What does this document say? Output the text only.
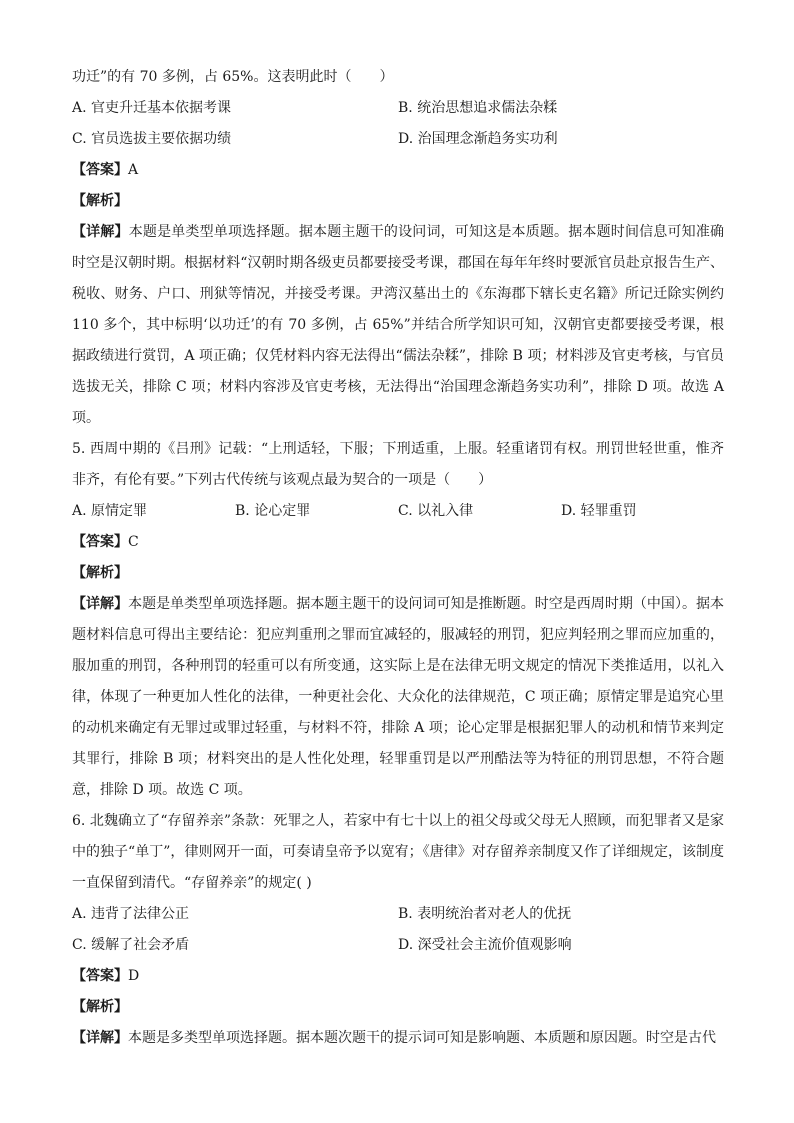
功迁”的有 70 多例，占 65%。这表明此时（　　）
A. 官吏升迁基本依据考课	B. 统治思想追求儒法杂糅
C. 官员选拔主要依据功绩	D. 治国理念渐趋务实功利
【答案】A
【解析】
【详解】本题是单类型单项选择题。据本题主题干的设问词，可知这是本质题。据本题时间信息可知准确时空是汉朝时期。根据材料“汉朝时期各级吏员都要接受考课，郡国在每年年终时要派官员赴京报告生产、税收、财务、户口、刑狱等情况，并接受考课。尹湾汉墓出土的《东海郡下辖长吏名籍》所记迁除实例约 110 多个，其中标明‘以功迁’的有 70 多例，占 65%”并结合所学知识可知，汉朝官吏都要接受考课，根据政绩进行赏罚，A 项正确；仅凭材料内容无法得出“儒法杂糅”，排除 B 项；材料涉及官吏考核，与官员选拔无关，排除 C 项；材料内容涉及官吏考核，无法得出“治国理念渐趋务实功利”，排除 D 项。故选 A 项。
5. 西周中期的《吕刑》记载：“上刑适轻，下服；下刑适重，上服。轻重诸罚有权。刑罚世轻世重，惟齐非齐，有伦有要。”下列古代传统与该观点最为契合的一项是（　　）
A. 原情定罪	B. 论心定罪	C. 以礼入律	D. 轻罪重罚
【答案】C
【解析】
【详解】本题是单类型单项选择题。据本题主题干的设问词可知是推断题。时空是西周时期（中国）。据本题材料信息可得出主要结论：犯应判重刑之罪而宜减轻的，服减轻的刑罚，犯应判轻刑之罪而应加重的，服加重的刑罚，各种刑罚的轻重可以有所变通，这实际上是在法律无明文规定的情况下类推适用，以礼入律，体现了一种更加人性化的法律，一种更社会化、大众化的法律规范，C 项正确；原情定罪是追究心里的动机来确定有无罪过或罪过轻重，与材料不符，排除 A 项；论心定罪是根据犯罪人的动机和情节来判定其罪行，排除 B 项；材料突出的是人性化处理，轻罪重罚是以严刑酷法等为特征的刑罚思想，不符合题意，排除 D 项。故选 C 项。
6. 北魏确立了“存留养亲”条款：死罪之人，若家中有七十以上的祖父母或父母无人照顾，而犯罪者又是家中的独子“单丁”，律则网开一面，可奏请皇帝予以宽宥；《唐律》对存留养亲制度又作了详细规定，该制度一直保留到清代。“存留养亲”的规定( )
A. 违背了法律公正	B. 表明统治者对老人的优抚
C. 缓解了社会矛盾	D. 深受社会主流价值观影响
【答案】D
【解析】
【详解】本题是多类型单项选择题。据本题次题干的提示词可知是影响题、本质题和原因题。时空是古代
